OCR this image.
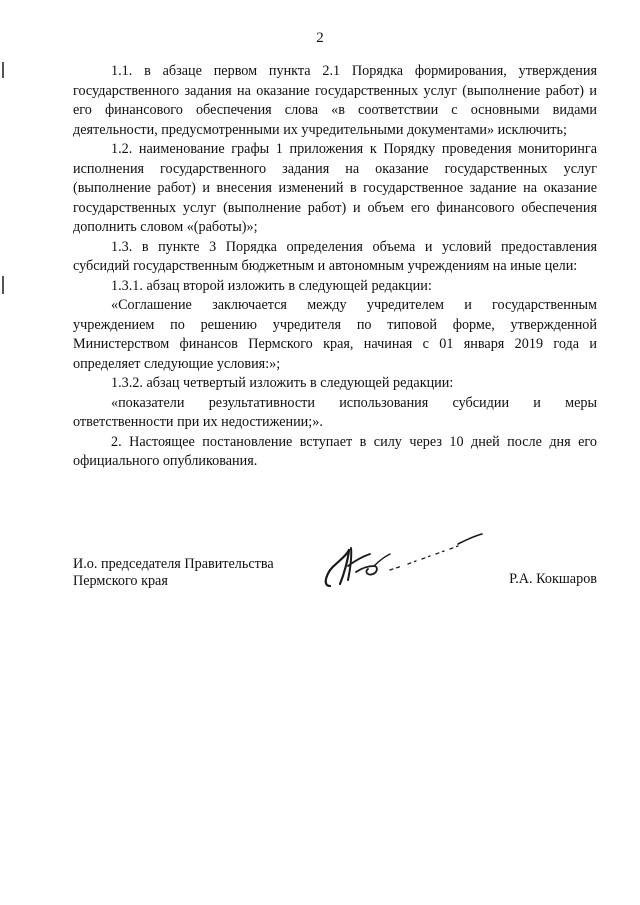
2

1.1. в абзаце первом пункта 2.1 Порядка формирования, утверждения государственного задания на оказание государственных услуг (выполнение работ) и его финансового обеспечения слова «в соответствии с основными видами деятельности, предусмотренными их учредительными документами» исключить;

1.2. наименование графы 1 приложения к Порядку проведения мониторинга исполнения государственного задания на оказание государственных услуг (выполнение работ) и внесения изменений в государственное задание на оказание государственных услуг (выполнение работ) и объем его финансового обеспечения дополнить словом «(работы)»;

1.3. в пункте 3 Порядка определения объема и условий предоставления субсидий государственным бюджетным и автономным учреждениям на иные цели:

1.3.1. абзац второй изложить в следующей редакции:

«Соглашение заключается между учредителем и государственным учреждением по решению учредителя по типовой форме, утвержденной Министерством финансов Пермского края, начиная с 01 января 2019 года и определяет следующие условия:»;

1.3.2. абзац четвертый изложить в следующей редакции:

«показатели результативности использования субсидии и меры ответственности при их недостижении;».

2. Настоящее постановление вступает в силу через 10 дней после дня его официального опубликования.

И.о. председателя Правительства
Пермского края	Р.А. Кокшаров
